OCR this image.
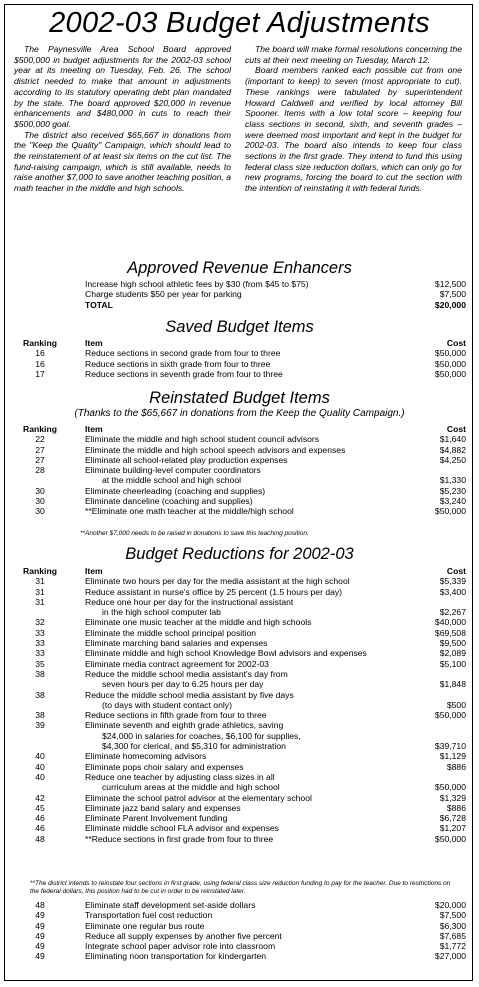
2002-03 Budget Adjustments

The Paynesville Area School Board approved $500,000 in budget adjustments for the 2002-03 school year at its meeting on Tuesday, Feb. 26. The school district needed to make that amount in adjustments according to its statutory operating debt plan mandated by the state. The board approved $20,000 in revenue enhancements and $480,000 in cuts to reach their $500,000 goal.

The district also received $65,667 in donations from the "Keep the Quality" Campaign, which should lead to the reinstatement of at least six items on the cut list. The fund-raising campaign, which is still available, needs to raise another $7,000 to save another teaching position, a math teacher in the middle and high schools.

The board will make formal resolutions concerning the cuts at their next meeting on Tuesday, March 12.

Board members ranked each possible cut from one (important to keep) to seven (most appropriate to cut). These rankings were tabulated by superintendent Howard Caldwell and verified by local attorney Bill Spooner. Items with a low total score – keeping four class sections in second, sixth, and seventh grades – were deemed most important and kept in the budget for 2002-03. The board also intends to keep four class sections in the first grade. They intend to fund this using federal class size reduction dollars, which can only go for new programs, forcing the board to cut the section with the intention of reinstating it with federal funds.

Approved Revenue Enhancers
	Increase high school athletic fees by $30 (from $45 to $75)	$12,500
	Charge students $50 per year for parking	$7,500
	TOTAL	$20,000
Saved Budget Items
Ranking	Item	Cost
16	Reduce sections in second grade from four to three	$50,000
16	Reduce sections in sixth grade from four to three	$50,000
17	Reduce sections in seventh grade from four to three	$50,000
Reinstated Budget Items
(Thanks to the $65,667 in donations from the Keep the Quality Campaign.)
Ranking	Item	Cost
22	Eliminate the middle and high school student council advisors	$1,640
27	Eliminate the middle and high school speech advisors and expenses	$4,882
27	Eliminate all school-related play production expenses	$4,250
28	Eliminate building-level computer coordinators	
	at the middle school and high school	$1,330
30	Eliminate cheerleading (coaching and supplies)	$5,230
30	Eliminate danceline (coaching and supplies)	$3,240
30	**Eliminate one math teacher at the middle/high school	$50,000
**Another $7,000 needs to be raised in donations to save this teaching position.
Budget Reductions for 2002-03
Ranking	Item	Cost
31	Eliminate two hours per day for the media assistant at the high school	$5,339
31	Reduce assistant in nurse's office by 25 percent (1.5 hours per day)	$3,400
31	Reduce one hour per day for the instructional assistant	
	in the high school computer lab	$2,267
32	Eliminate one music teacher at the middle and high schools	$40,000
33	Eliminate the middle school principal position	$69,508
33	Eliminate marching band salaries and expenses	$9,500
33	Eliminate middle and high school Knowledge Bowl advisors and expenses	$2,089
35	Eliminate media contract agreement for 2002-03	$5,100
38	Reduce the middle school media assistant's day from	
	seven hours per day to 6.25 hours per day	$1,848
38	Reduce the middle school media assistant by five days	
	(to days with student contact only)	$500
38	Reduce sections in fifth grade from four to three	$50,000
39	Eliminate seventh and eighth grade athletics, saving	
	$24,000 in salaries for coaches, $6,100 for supplies,	
	$4,300 for clerical, and $5,310 for administration	$39,710
40	Eliminate homecoming advisors	$1,129
40	Eliminate pops choir salary and expenses	$886
40	Reduce one teacher by adjusting class sizes in all	
	curriculum areas at the middle and high school	$50,000
42	Eliminate the school patrol advisor at the elementary school	$1,329
45	Eliminate jazz band salary and expenses	$886
46	Eliminate Parent Involvement funding	$6,728
46	Eliminate middle school FLA advisor and expenses	$1,207
48	**Reduce sections in first grade from four to three	$50,000
**The district intends to reinstate four sections in first grade, using federal class size reduction funding to pay for the teacher. Due to restrictions on the federal dollars, this position had to be cut in order to be reinstated later.
48	Eliminate staff development set-aside dollars	$20,000
49	Transportation fuel cost reduction	$7,500
49	Eliminate one regular bus route	$6,300
49	Reduce all supply expenses by another five percent	$7,685
49	Integrate school paper advisor role into classroom	$1,772
49	Eliminating noon transportation for kindergarten	$27,000
